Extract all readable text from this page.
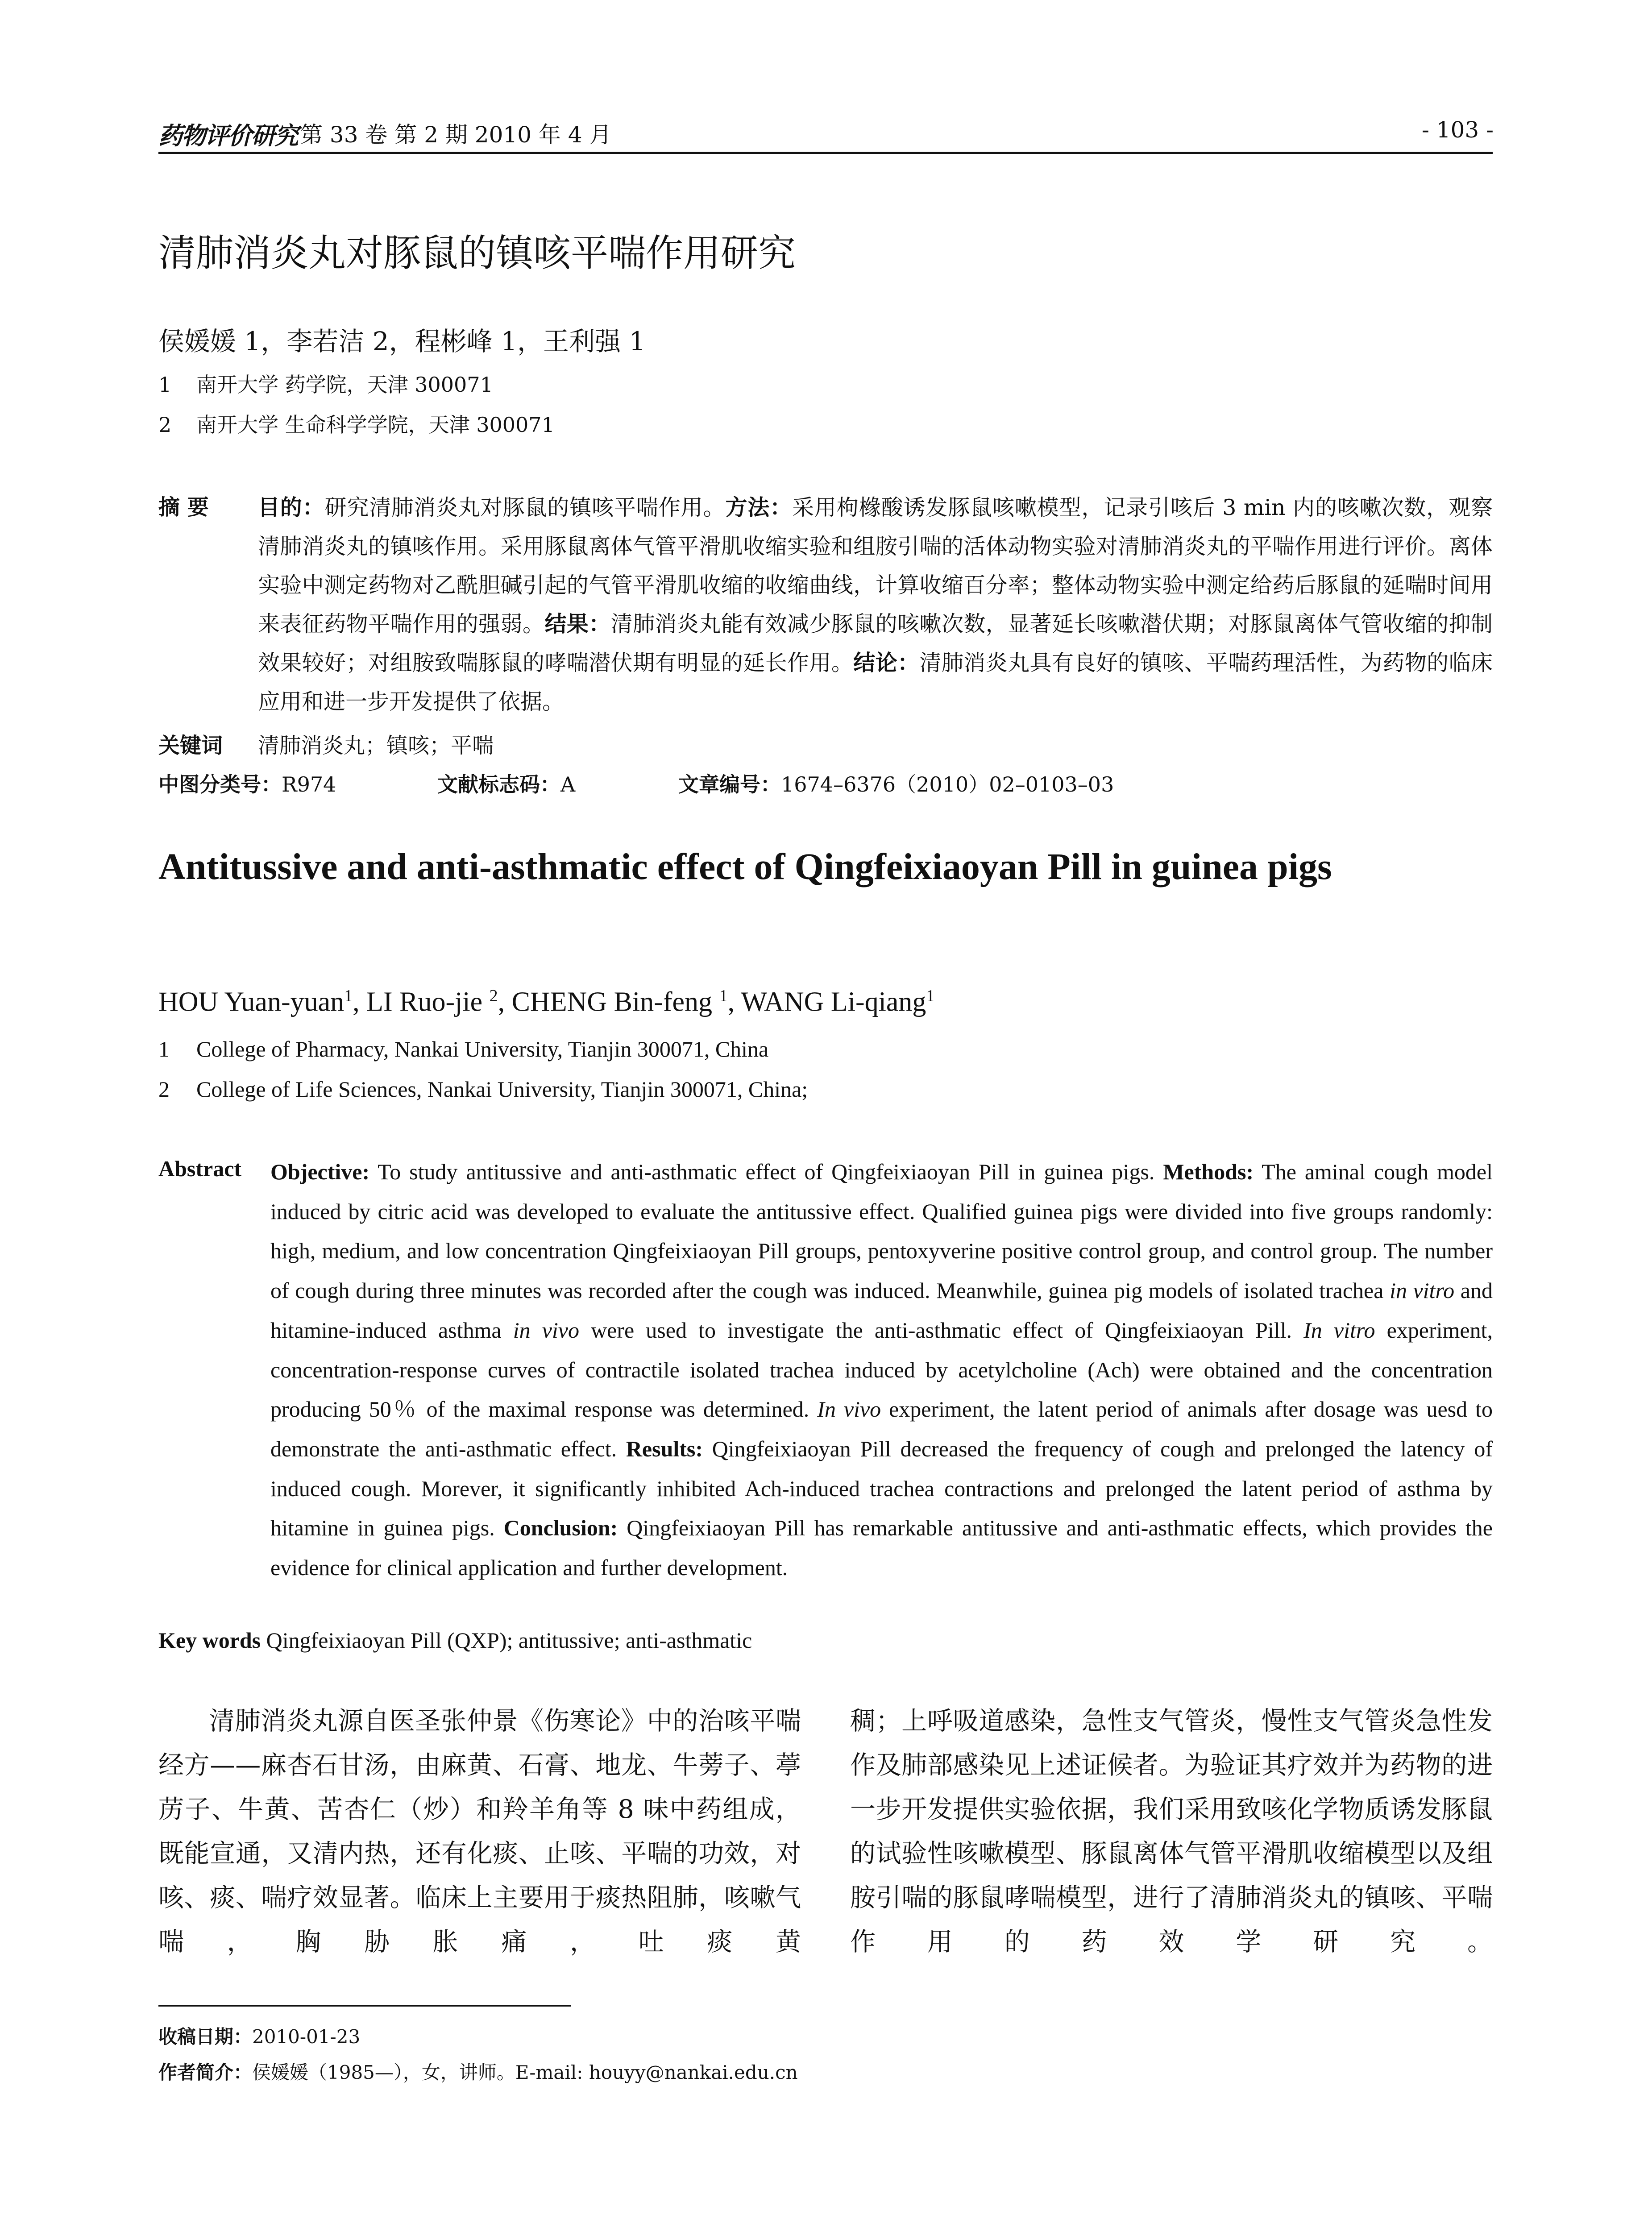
药物评价研究 第 33 卷 第 2 期 2010 年 4 月	- 103 -
清肺消炎丸对豚鼠的镇咳平喘作用研究
侯媛媛 1，李若洁 2，程彬峰 1，王利强 1
1 南开大学 药学院，天津 300071
2 南开大学 生命科学学院，天津 300071
摘 要 目的：研究清肺消炎丸对豚鼠的镇咳平喘作用。方法：采用枸橼酸诱发豚鼠咳嗽模型，记录引咳后 3 min 内的咳嗽次数，观察清肺消炎丸的镇咳作用。采用豚鼠离体气管平滑肌收缩实验和组胺引喘的活体动物实验对清肺消炎丸的平喘作用进行评价。离体实验中测定药物对乙酰胆碱引起的气管平滑肌收缩的收缩曲线，计算收缩百分率；整体动物实验中测定给药后豚鼠的延喘时间用来表征药物平喘作用的强弱。结果：清肺消炎丸能有效减少豚鼠的咳嗽次数，显著延长咳嗽潜伏期；对豚鼠离体气管收缩的抑制效果较好；对组胺致喘豚鼠的哮喘潜伏期有明显的延长作用。结论：清肺消炎丸具有良好的镇咳、平喘药理活性，为药物的临床应用和进一步开发提供了依据。
关键词 清肺消炎丸；镇咳；平喘
中图分类号：R974	文献标志码：A	文章编号：1674–6376（2010）02–0103–03
Antitussive and anti-asthmatic effect of Qingfeixiaoyan Pill in guinea pigs
HOU Yuan-yuan$^1$, LI Ruo-jie $^2$, CHENG Bin-feng $^1$, WANG Li-qiang$^1$
1 College of Pharmacy, Nankai University, Tianjin 300071, China
2 College of Life Sciences, Nankai University, Tianjin 300071, China;
Abstract Objective: To study antitussive and anti-asthmatic effect of Qingfeixiaoyan Pill in guinea pigs. Methods: The aminal cough model induced by citric acid was developed to evaluate the antitussive effect. Qualified guinea pigs were divided into five groups randomly: high, medium, and low concentration Qingfeixiaoyan Pill groups, pentoxyverine positive control group, and control group. The number of cough during three minutes was recorded after the cough was induced. Meanwhile, guinea pig models of isolated trachea in vitro and hitamine-induced asthma in vivo were used to investigate the anti-asthmatic effect of Qingfeixiaoyan Pill. In vitro experiment, concentration-response curves of contractile isolated trachea induced by acetylcholine (Ach) were obtained and the concentration producing 50％ of the maximal response was determined. In vivo experiment, the latent period of animals after dosage was uesd to demonstrate the anti-asthmatic effect. Results: Qingfeixiaoyan Pill decreased the frequency of cough and prelonged the latency of induced cough. Morever, it significantly inhibited Ach-induced trachea contractions and prelonged the latent period of asthma by hitamine in guinea pigs. Conclusion: Qingfeixiaoyan Pill has remarkable antitussive and anti-asthmatic effects, which provides the evidence for clinical application and further development.
Key words Qingfeixiaoyan Pill (QXP); antitussive; anti-asthmatic
清肺消炎丸源自医圣张仲景《伤寒论》中的治咳平喘经方——麻杏石甘汤，由麻黄、石膏、地龙、牛蒡子、葶苈子、牛黄、苦杏仁（炒）和羚羊角等 8 味中药组成，既能宣通，又清内热，还有化痰、止咳、平喘的功效，对咳、痰、喘疗效显著。临床上主要用于痰热阻肺，咳嗽气喘，胸胁胀痛，吐痰黄
稠；上呼吸道感染，急性支气管炎，慢性支气管炎急性发作及肺部感染见上述证候者。为验证其疗效并为药物的进一步开发提供实验依据，我们采用致咳化学物质诱发豚鼠的试验性咳嗽模型、豚鼠离体气管平滑肌收缩模型以及组胺引喘的豚鼠哮喘模型，进行了清肺消炎丸的镇咳、平喘作用的药效学研究。
收稿日期：2010-01-23
作者简介：侯媛媛（1985—），女，讲师。E-mail: houyy@nankai.edu.cn
